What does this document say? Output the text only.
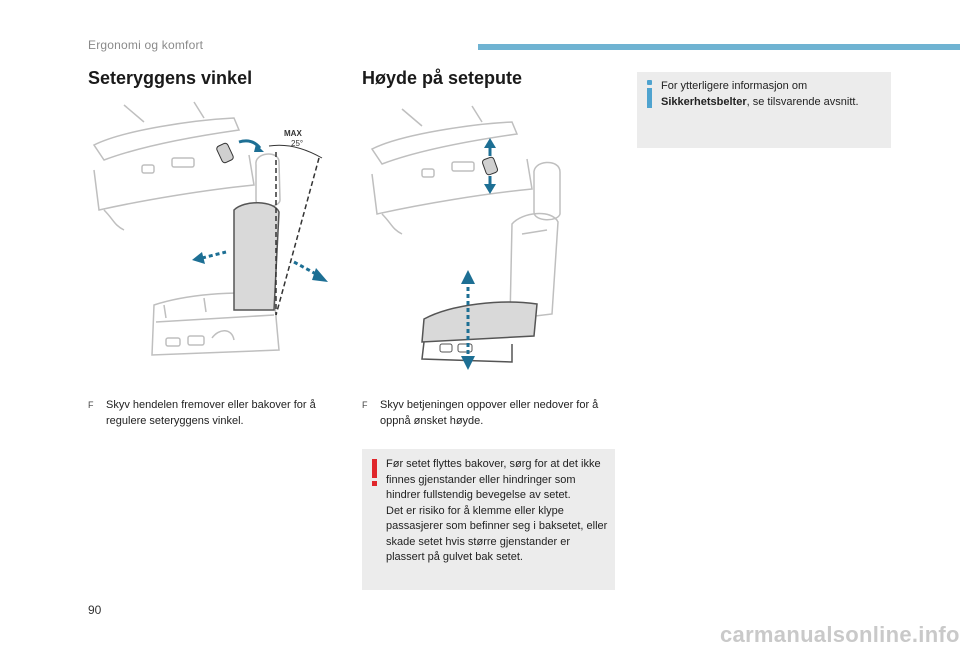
Ergonomi og komfort
Seteryggens vinkel
MAX
25°
F Skyv hendelen fremover eller bakover for å regulere seteryggens vinkel.
Høyde på setepute
F Skyv betjeningen oppover eller nedover for å oppnå ønsket høyde.
Før setet flyttes bakover, sørg for at det ikke finnes gjenstander eller hindringer som hindrer fullstendig bevegelse av setet.
Det er risiko for å klemme eller klype passasjerer som befinner seg i baksetet, eller skade setet hvis større gjenstander er plassert på gulvet bak setet.
For ytterligere informasjon om Sikkerhetsbelter, se tilsvarende avsnitt.
90
carmanualsonline.info
